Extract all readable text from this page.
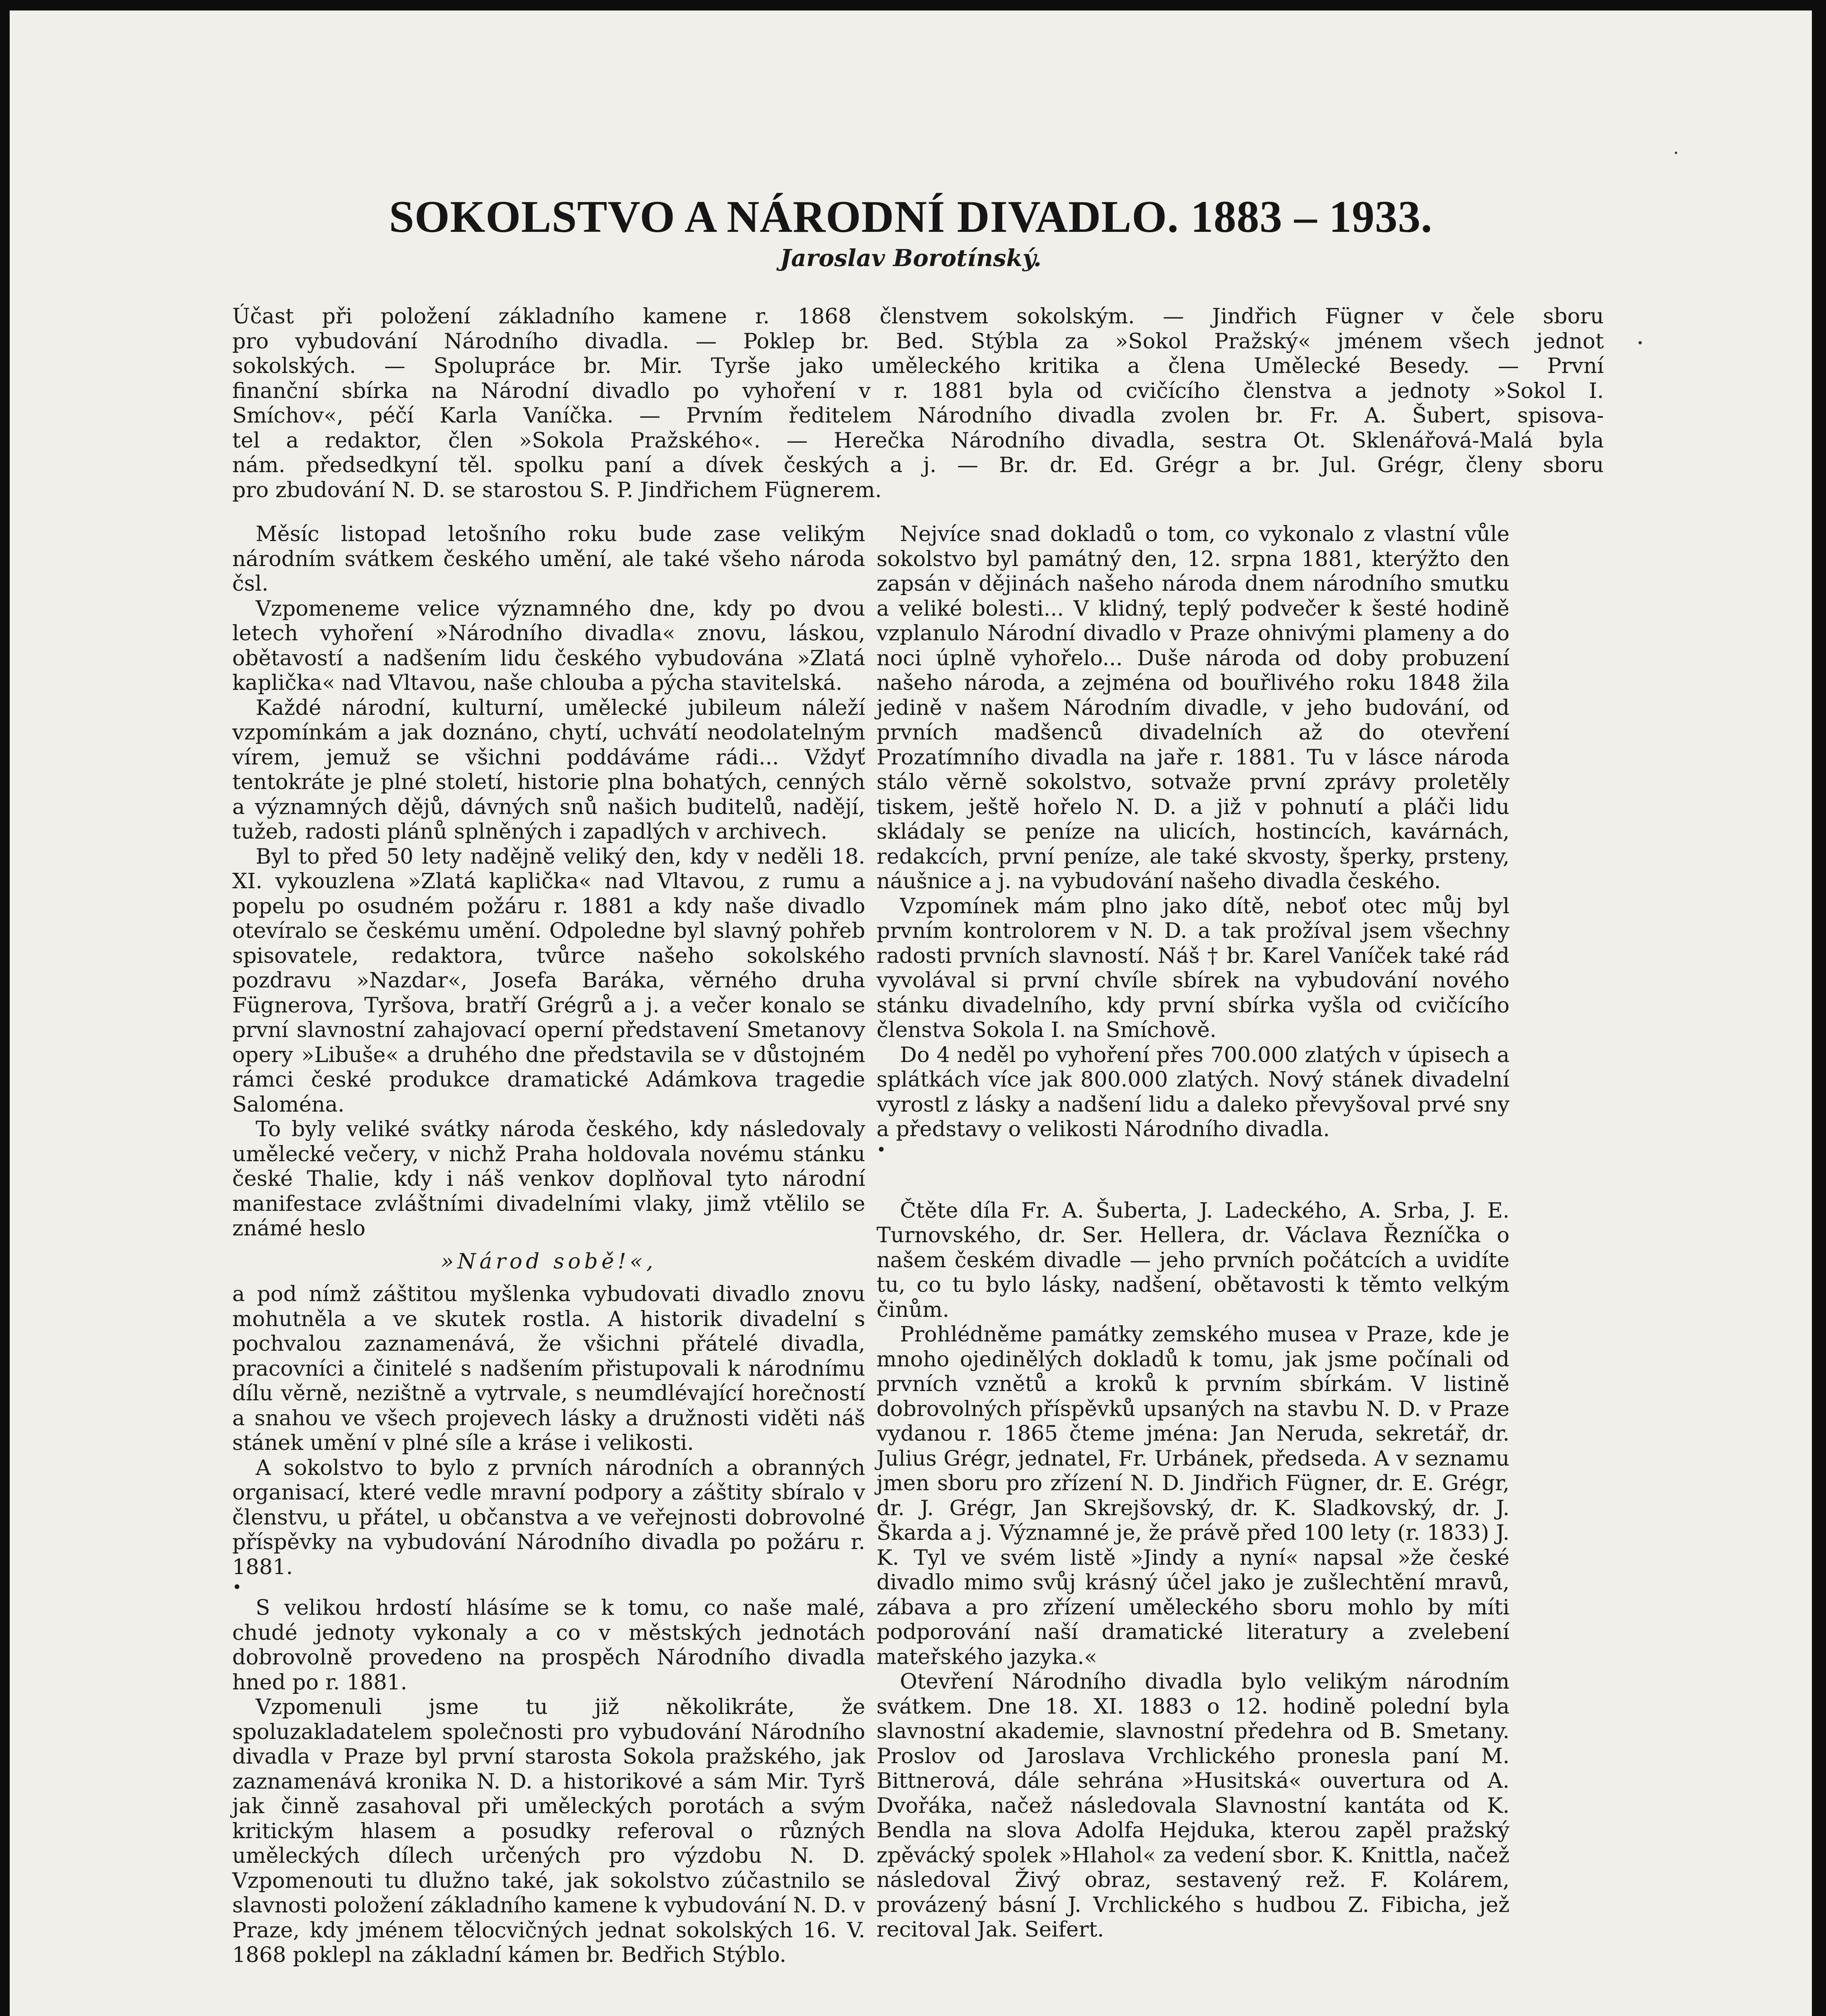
SOKOLSTVO A NÁRODNÍ DIVADLO. 1883 – 1933.
Jaroslav Borotínský.
Účast při položení základního kamene r. 1868 členstvem sokolským. — Jindřich Fügner v čele sboru
pro vybudování Národního divadla. — Poklep br. Bed. Stýbla za »Sokol Pražský« jménem všech jednot
sokolských. — Spolupráce br. Mir. Tyrše jako uměleckého kritika a člena Umělecké Besedy. — První
finanční sbírka na Národní divadlo po vyhoření v r. 1881 byla od cvičícího členstva a jednoty »Sokol I.
Smíchov«, péčí Karla Vaníčka. — Prvním ředitelem Národního divadla zvolen br. Fr. A. Šubert, spisova-
tel a redaktor, člen »Sokola Pražského«. — Herečka Národního divadla, sestra Ot. Sklenářová-Malá byla
nám. předsedkyní těl. spolku paní a dívek českých a j. — Br. dr. Ed. Grégr a br. Jul. Grégr, členy sboru
pro zbudování N. D. se starostou S. P. Jindřichem Fügnerem.

Měsíc listopad letošního roku bude zase velikým národním svátkem českého umění, ale také všeho národa čsl.

Vzpomeneme velice významného dne, kdy po dvou letech vyhoření »Národního divadla« znovu, láskou, obětavostí a nadšením lidu českého vybudována »Zlatá kaplička« nad Vltavou, naše chlouba a pýcha stavitelská.

Každé národní, kulturní, umělecké jubileum náleží vzpomínkám a jak doznáno, chytí, uchvátí neodolatelným vírem, jemuž se všichni poddáváme rádi... Vždyť tentokráte je plné století, historie plna bohatých, cenných a významných dějů, dávných snů našich buditelů, nadějí, tužeb, radosti plánů splněných i zapadlých v archivech.

Byl to před 50 lety nadějně veliký den, kdy v neděli 18. XI. vykouzlena »Zlatá kaplička« nad Vltavou, z rumu a popelu po osudném požáru r. 1881 a kdy naše divadlo otevíralo se českému umění. Odpoledne byl slavný pohřeb spisovatele, redaktora, tvůrce našeho sokolského pozdravu »Nazdar«, Josefa Baráka, věrného druha Fügnerova, Tyršova, bratří Grégrů a j. a večer konalo se první slavnostní zahajovací operní představení Smetanovy opery »Libuše« a druhého dne představila se v důstojném rámci české produkce dramatické Adámkova tragedie Saloména.

To byly veliké svátky národa českého, kdy následovaly umělecké večery, v nichž Praha holdovala novému stánku české Thalie, kdy i náš venkov doplňoval tyto národní manifestace zvláštními divadelními vlaky, jimž vtělilo se známé heslo

»Národ sobě!«,

a pod nímž záštitou myšlenka vybudovati divadlo znovu mohutněla a ve skutek rostla. A historik divadelní s pochvalou zaznamenává, že všichni přátelé divadla, pracovníci a činitelé s nadšením přistupovali k národnímu dílu věrně, nezištně a vytrvale, s neumdlévající horečností a snahou ve všech projevech lásky a družnosti viděti náš stánek umění v plné síle a kráse i velikosti.

A sokolstvo to bylo z prvních národních a obranných organisací, které vedle mravní podpory a záštity sbíralo v členstvu, u přátel, u občanstva a ve veřejnosti dobrovolné příspěvky na vybudování Národního divadla po požáru r. 1881.

•

S velikou hrdostí hlásíme se k tomu, co naše malé, chudé jednoty vykonaly a co v městských jednotách dobrovolně provedeno na prospěch Národního divadla hned po r. 1881.

Vzpomenuli jsme tu již několikráte, že spoluzakladatelem společnosti pro vybudování Národního divadla v Praze byl první starosta Sokola pražského, jak zaznamenává kronika N. D. a historikové a sám Mir. Tyrš jak činně zasahoval při uměleckých porotách a svým kritickým hlasem a posudky referoval o různých uměleckých dílech určených pro výzdobu N. D. Vzpomenouti tu dlužno také, jak sokolstvo zúčastnilo se slavnosti položení základního kamene k vybudování N. D. v Praze, kdy jménem tělocvičných jednat sokolských 16. V. 1868 poklepl na základní kámen br. Bedřich Stýblo.

Nejvíce snad dokladů o tom, co vykonalo z vlastní vůle sokolstvo byl památný den, 12. srpna 1881, kterýžto den zapsán v dějinách našeho národa dnem národního smutku a veliké bolesti... V klidný, teplý podvečer k šesté hodině vzplanulo Národní divadlo v Praze ohnivými plameny a do noci úplně vyhořelo... Duše národa od doby probuzení našeho národa, a zejména od bouřlivého roku 1848 žila jedině v našem Národním divadle, v jeho budování, od prvních madšenců divadelních až do otevření Prozatímního divadla na jaře r. 1881. Tu v lásce národa stálo věrně sokolstvo, sotvaže první zprávy proletěly tiskem, ještě hořelo N. D. a již v pohnutí a pláči lidu skládaly se peníze na ulicích, hostincích, kavárnách, redakcích, první peníze, ale také skvosty, šperky, prsteny, náušnice a j. na vybudování našeho divadla českého.

Vzpomínek mám plno jako dítě, neboť otec můj byl prvním kontrolorem v N. D. a tak prožíval jsem všechny radosti prvních slavností. Náš † br. Karel Vaníček také rád vyvolával si první chvíle sbírek na vybudování nového stánku divadelního, kdy první sbírka vyšla od cvičícího členstva Sokola I. na Smíchově.

Do 4 neděl po vyhoření přes 700.000 zlatých v úpisech a splátkách více jak 800.000 zlatých. Nový stánek divadelní vyrostl z lásky a nadšení lidu a daleko převyšoval prvé sny a představy o velikosti Národního divadla.

•

Čtěte díla Fr. A. Šuberta, J. Ladeckého, A. Srba, J. E. Turnovského, dr. Ser. Hellera, dr. Václava Řezníčka o našem českém divadle — jeho prvních počátcích a uvidíte tu, co tu bylo lásky, nadšení, obětavosti k těmto velkým činům.

Prohlédněme památky zemského musea v Praze, kde je mnoho ojedinělých dokladů k tomu, jak jsme počínali od prvních vznětů a kroků k prvním sbírkám. V listině dobrovolných příspěvků upsaných na stavbu N. D. v Praze vydanou r. 1865 čteme jména: Jan Neruda, sekretář, dr. Julius Grégr, jednatel, Fr. Urbánek, předseda. A v seznamu jmen sboru pro zřízení N. D. Jindřich Fügner, dr. E. Grégr, dr. J. Grégr, Jan Skrejšovský, dr. K. Sladkovský, dr. J. Škarda a j. Významné je, že právě před 100 lety (r. 1833) J. K. Tyl ve svém listě »Jindy a nyní« napsal »že české divadlo mimo svůj krásný účel jako je zušlechtění mravů, zábava a pro zřízení uměleckého sboru mohlo by míti podporování naší dramatické literatury a zvelebení mateřského jazyka.«

Otevření Národního divadla bylo velikým národním svátkem. Dne 18. XI. 1883 o 12. hodině polední byla slavnostní akademie, slavnostní předehra od B. Smetany. Proslov od Jaroslava Vrchlického pronesla paní M. Bittnerová, dále sehrána »Husitská« ouvertura od A. Dvořáka, načež následovala Slavnostní kantáta od K. Bendla na slova Adolfa Hejduka, kterou zapěl pražský zpěvácký spolek »Hlahol« za vedení sbor. K. Knittla, načež následoval Živý obraz, sestavený rež. F. Kolárem, provázený básní J. Vrchlického s hudbou Z. Fibicha, jež recitoval Jak. Seifert.
